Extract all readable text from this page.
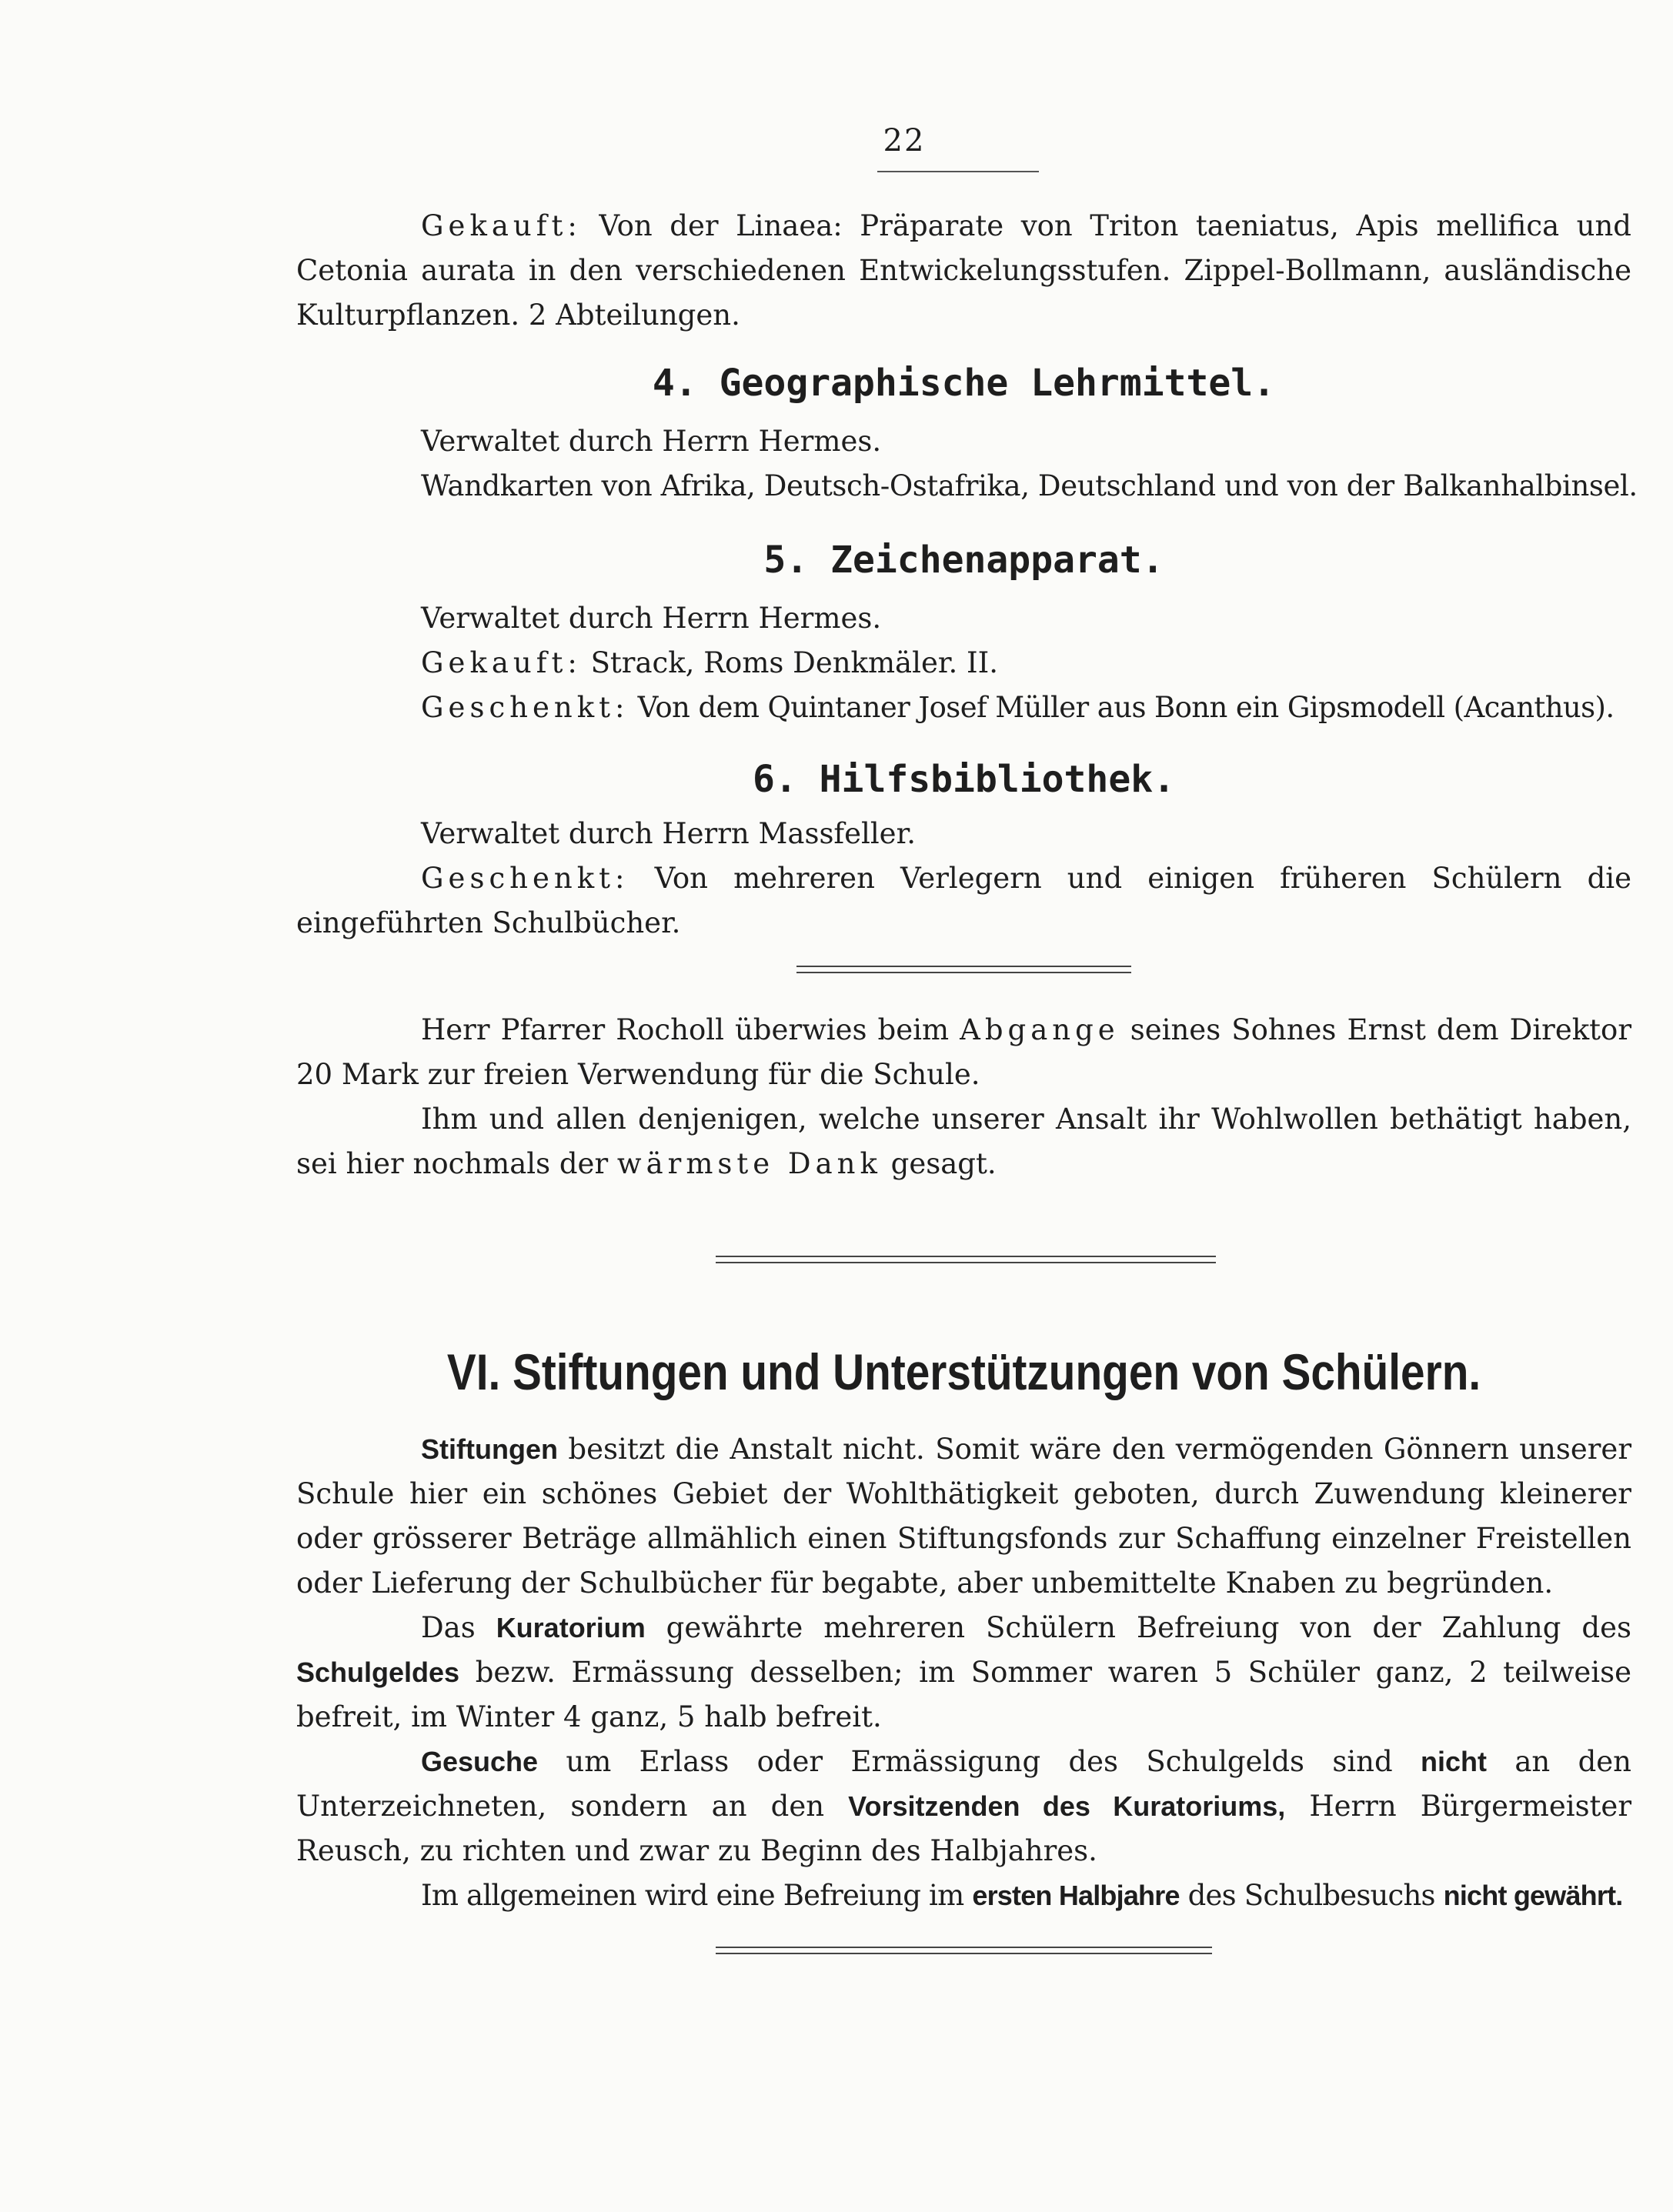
22

Gekauft: Von der Linaea: Präparate von Triton taeniatus, Apis mellifica und Cetonia aurata in den verschiedenen Entwickelungsstufen. Zippel-Bollmann, ausländische Kulturpflanzen. 2 Abteilungen.

4. Geographische Lehrmittel.

Verwaltet durch Herrn Hermes.

Wandkarten von Afrika, Deutsch-Ostafrika, Deutschland und von der Balkanhalbinsel.

5. Zeichenapparat.

Verwaltet durch Herrn Hermes.

Gekauft: Strack, Roms Denkmäler. II.

Geschenkt: Von dem Quintaner Josef Müller aus Bonn ein Gipsmodell (Acanthus).

6. Hilfsbibliothek.

Verwaltet durch Herrn Massfeller.

Geschenkt: Von mehreren Verlegern und einigen früheren Schülern die eingeführten Schulbücher.

Herr Pfarrer Rocholl überwies beim Abgange seines Sohnes Ernst dem Direktor 20 Mark zur freien Verwendung für die Schule.

Ihm und allen denjenigen, welche unserer Ansalt ihr Wohlwollen bethätigt haben, sei hier nochmals der wärmste Dank gesagt.

VI. Stiftungen und Unterstützungen von Schülern.

Stiftungen besitzt die Anstalt nicht. Somit wäre den vermögenden Gönnern unserer Schule hier ein schönes Gebiet der Wohlthätigkeit geboten, durch Zuwendung kleinerer oder grösserer Beträge allmählich einen Stiftungsfonds zur Schaffung einzelner Freistellen oder Lieferung der Schulbücher für begabte, aber unbemittelte Knaben zu begründen.

Das Kuratorium gewährte mehreren Schülern Befreiung von der Zahlung des Schulgeldes bezw. Ermässung desselben; im Sommer waren 5 Schüler ganz, 2 teilweise befreit, im Winter 4 ganz, 5 halb befreit.

Gesuche um Erlass oder Ermässigung des Schulgelds sind nicht an den Unterzeichneten, sondern an den Vorsitzenden des Kuratoriums, Herrn Bürgermeister Reusch, zu richten und zwar zu Beginn des Halbjahres.

Im allgemeinen wird eine Befreiung im ersten Halbjahre des Schulbesuchs nicht gewährt.
